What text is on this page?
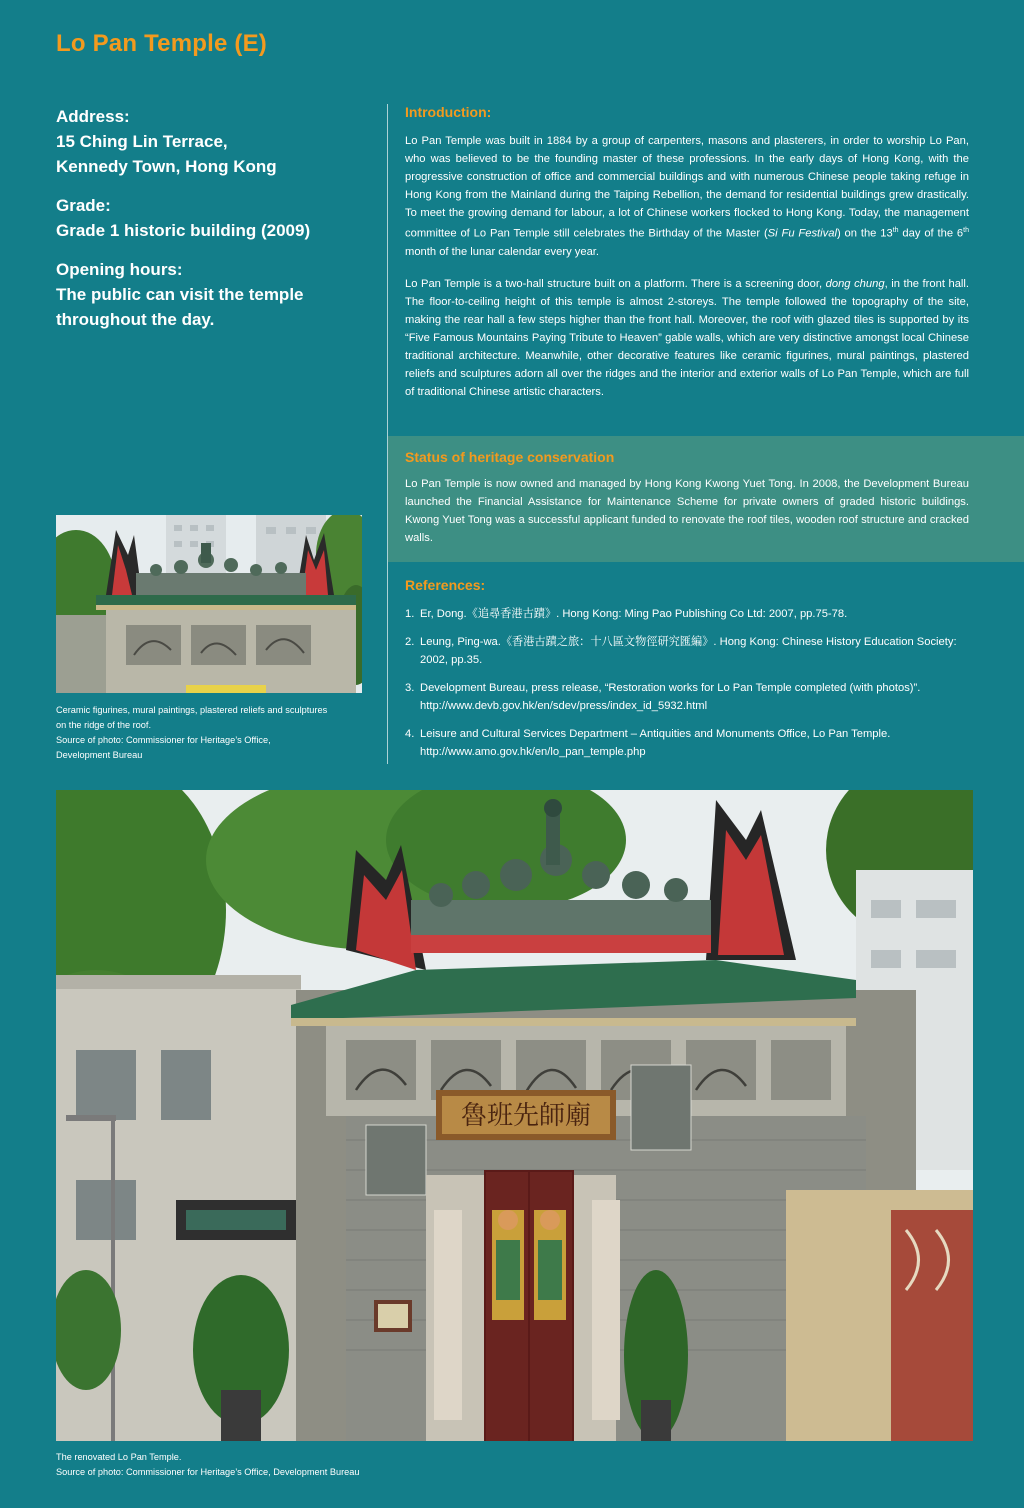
Lo Pan Temple (E)
Address:
15 Ching Lin Terrace,
Kennedy Town, Hong Kong
Grade:
Grade 1 historic building (2009)
Opening hours:
The public can visit the temple
throughout the day.
Introduction:

Lo Pan Temple was built in 1884 by a group of carpenters, masons and plasterers, in order to worship Lo Pan, who was believed to be the founding master of these professions. In the early days of Hong Kong, with the progressive construction of office and commercial buildings and with numerous Chinese people taking refuge in Hong Kong from the Mainland during the Taiping Rebellion, the demand for residential buildings grew drastically. To meet the growing demand for labour, a lot of Chinese workers flocked to Hong Kong. Today, the management committee of Lo Pan Temple still celebrates the Birthday of the Master (Si Fu Festival) on the 13th day of the 6th month of the lunar calendar every year.

Lo Pan Temple is a two-hall structure built on a platform. There is a screening door, dong chung, in the front hall. The floor-to-ceiling height of this temple is almost 2-storeys. The temple followed the topography of the site, making the rear hall a few steps higher than the front hall. Moreover, the roof with glazed tiles is supported by its “Five Famous Mountains Paying Tribute to Heaven” gable walls, which are very distinctive amongst local Chinese traditional architecture. Meanwhile, other decorative features like ceramic figurines, mural paintings, plastered reliefs and sculptures adorn all over the ridges and the interior and exterior walls of Lo Pan Temple, which are full of traditional Chinese artistic characters.

Status of heritage conservation

Lo Pan Temple is now owned and managed by Hong Kong Kwong Yuet Tong. In 2008, the Development Bureau launched the Financial Assistance for Maintenance Scheme for private owners of graded historic buildings. Kwong Yuet Tong was a successful applicant funded to renovate the roof tiles, wooden roof structure and cracked walls.

References:
1. Er, Dong.《追尋香港古蹟》. Hong Kong: Ming Pao Publishing Co Ltd: 2007, pp.75-78.
2. Leung, Ping-wa.《香港古蹟之旅：十八區文物徑研究匯編》. Hong Kong: Chinese History Education Society: 2002, pp.35.
3. Development Bureau, press release, “Restoration works for Lo Pan Temple completed (with photos)”.
http://www.devb.gov.hk/en/sdev/press/index_id_5932.html
4. Leisure and Cultural Services Department – Antiquities and Monuments Office, Lo Pan Temple.
http://www.amo.gov.hk/en/lo_pan_temple.php
Ceramic figurines, mural paintings, plastered reliefs and sculptures
on the ridge of the roof.
Source of photo: Commissioner for Heritage’s Office,
Development Bureau
魯班先師廟
The renovated Lo Pan Temple.
Source of photo: Commissioner for Heritage’s Office, Development Bureau
